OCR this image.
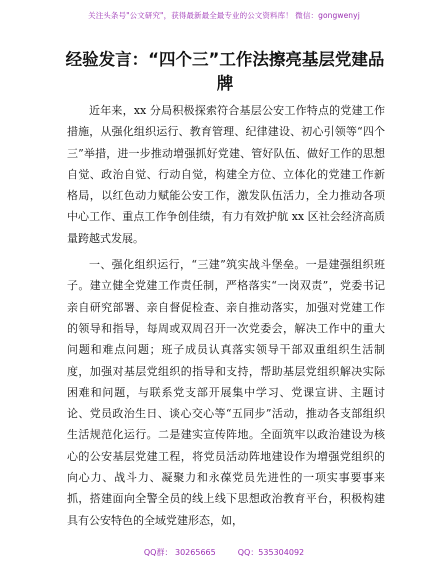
关注头条号"公文研究"，获得最新最全最专业的公文资料库！ 微信：gongwenyj
经验发言：“四个三”工作法擦亮基层党建品牌

近年来，xx 分局积极探索符合基层公安工作特点的党建工作措施，从强化组织运行、教育管理、纪律建设、初心引领等“四个三”举措，进一步推动增强抓好党建、管好队伍、做好工作的思想自觉、政治自觉、行动自觉，构建全方位、立体化的党建工作新格局，以红色动力赋能公安工作，激发队伍活力，全力推动各项中心工作、重点工作争创佳绩，有力有效护航 xx 区社会经济高质量跨越式发展。

一、强化组织运行，“三建”筑实战斗堡垒。一是建强组织班子。建立健全党建工作责任制，严格落实“一岗双责”，党委书记亲自研究部署、亲自督促检查、亲自推动落实，加强对党建工作的领导和指导，每周或双周召开一次党委会，解决工作中的重大问题和难点问题；班子成员认真落实领导干部双重组织生活制度，加强对基层党组织的指导和支持，帮助基层党组织解决实际困难和问题，与联系党支部开展集中学习、党课宣讲、主题讨论、党员政治生日、谈心交心等“五同步”活动，推动各支部组织生活规范化运行。二是建实宣传阵地。全面筑牢以政治建设为核心的公安基层党建工程，将党员活动阵地建设作为增强党组织的向心力、战斗力、凝聚力和永葆党员先进性的一项实事要事来抓，搭建面向全警全员的线上线下思想政治教育平台，积极构建具有公安特色的全域党建形态，如，

QQ群： 30265665	QQ：535304092
